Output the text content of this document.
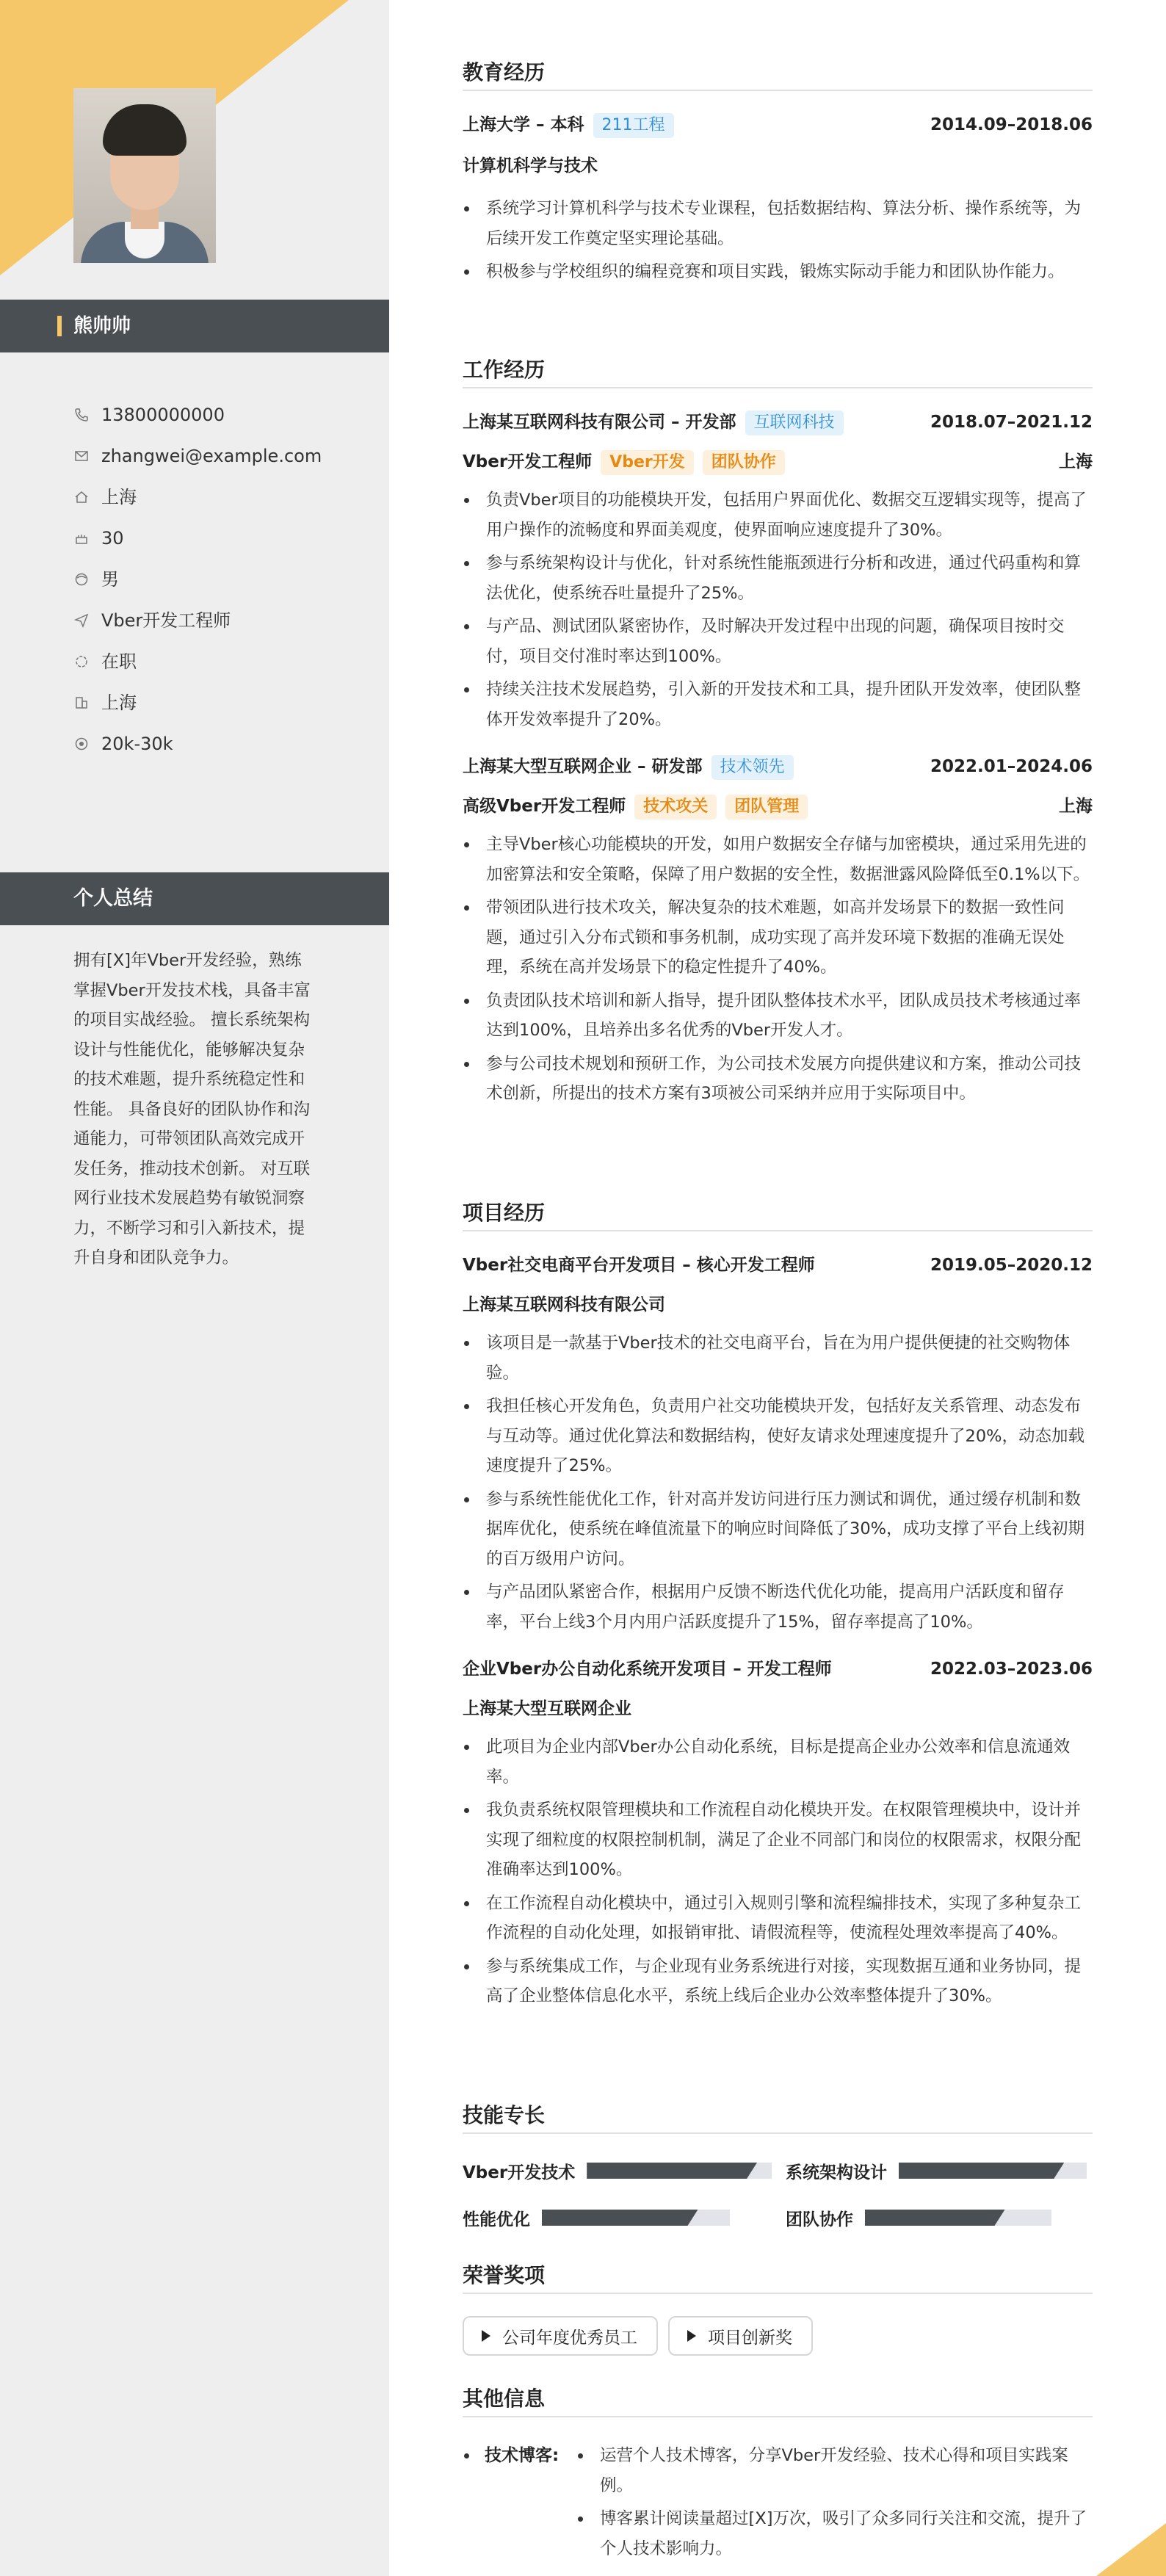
熊帅帅
13800000000
zhangwei@example.com
上海
30
男
Vber开发工程师
在职
上海
20k-30k
个人总结

拥有[X]年Vber开发经验，熟练掌握Vber开发技术栈，具备丰富的项目实战经验。 擅长系统架构设计与性能优化，能够解决复杂的技术难题，提升系统稳定性和性能。 具备良好的团队协作和沟通能力，可带领团队高效完成开发任务，推动技术创新。 对互联网行业技术发展趋势有敏锐洞察力，不断学习和引入新技术，提升自身和团队竞争力。

教育经历
上海大学 – 本科 211工程	2014.09–2018.06
计算机科学与技术
系统学习计算机科学与技术专业课程，包括数据结构、算法分析、操作系统等，为后续开发工作奠定坚实理论基础。
积极参与学校组织的编程竞赛和项目实践，锻炼实际动手能力和团队协作能力。
工作经历
上海某互联网科技有限公司 – 开发部 互联网科技	2018.07–2021.12
Vber开发工程师 Vber开发 团队协作	上海
负责Vber项目的功能模块开发，包括用户界面优化、数据交互逻辑实现等，提高了用户操作的流畅度和界面美观度，使界面响应速度提升了30%。
参与系统架构设计与优化，针对系统性能瓶颈进行分析和改进，通过代码重构和算法优化，使系统吞吐量提升了25%。
与产品、测试团队紧密协作，及时解决开发过程中出现的问题，确保项目按时交付，项目交付准时率达到100%。
持续关注技术发展趋势，引入新的开发技术和工具，提升团队开发效率，使团队整体开发效率提升了20%。
上海某大型互联网企业 – 研发部 技术领先	2022.01–2024.06
高级Vber开发工程师 技术攻关 团队管理	上海
主导Vber核心功能模块的开发，如用户数据安全存储与加密模块，通过采用先进的加密算法和安全策略，保障了用户数据的安全性，数据泄露风险降低至0.1%以下。
带领团队进行技术攻关，解决复杂的技术难题，如高并发场景下的数据一致性问题，通过引入分布式锁和事务机制，成功实现了高并发环境下数据的准确无误处理，系统在高并发场景下的稳定性提升了40%。
负责团队技术培训和新人指导，提升团队整体技术水平，团队成员技术考核通过率达到100%，且培养出多名优秀的Vber开发人才。
参与公司技术规划和预研工作，为公司技术发展方向提供建议和方案，推动公司技术创新，所提出的技术方案有3项被公司采纳并应用于实际项目中。
项目经历
Vber社交电商平台开发项目 – 核心开发工程师	2019.05–2020.12
上海某互联网科技有限公司
该项目是一款基于Vber技术的社交电商平台，旨在为用户提供便捷的社交购物体验。
我担任核心开发角色，负责用户社交功能模块开发，包括好友关系管理、动态发布与互动等。通过优化算法和数据结构，使好友请求处理速度提升了20%，动态加载速度提升了25%。
参与系统性能优化工作，针对高并发访问进行压力测试和调优，通过缓存机制和数据库优化，使系统在峰值流量下的响应时间降低了30%，成功支撑了平台上线初期的百万级用户访问。
与产品团队紧密合作，根据用户反馈不断迭代优化功能，提高用户活跃度和留存率，平台上线3个月内用户活跃度提升了15%，留存率提高了10%。
企业Vber办公自动化系统开发项目 – 开发工程师	2022.03–2023.06
上海某大型互联网企业
此项目为企业内部Vber办公自动化系统，目标是提高企业办公效率和信息流通效率。
我负责系统权限管理模块和工作流程自动化模块开发。在权限管理模块中，设计并实现了细粒度的权限控制机制，满足了企业不同部门和岗位的权限需求，权限分配准确率达到100%。
在工作流程自动化模块中，通过引入规则引擎和流程编排技术，实现了多种复杂工作流程的自动化处理，如报销审批、请假流程等，使流程处理效率提高了40%。
参与系统集成工作，与企业现有业务系统进行对接，实现数据互通和业务协同，提高了企业整体信息化水平，系统上线后企业办公效率整体提升了30%。
技能专长
Vber开发技术	系统架构设计
性能优化	团队协作
荣誉奖项
公司年度优秀员工	项目创新奖
其他信息
技术博客:	运营个人技术博客，分享Vber开发经验、技术心得和项目实践案例。
博客累计阅读量超过[X]万次，吸引了众多同行关注和交流，提升了个人技术影响力。
